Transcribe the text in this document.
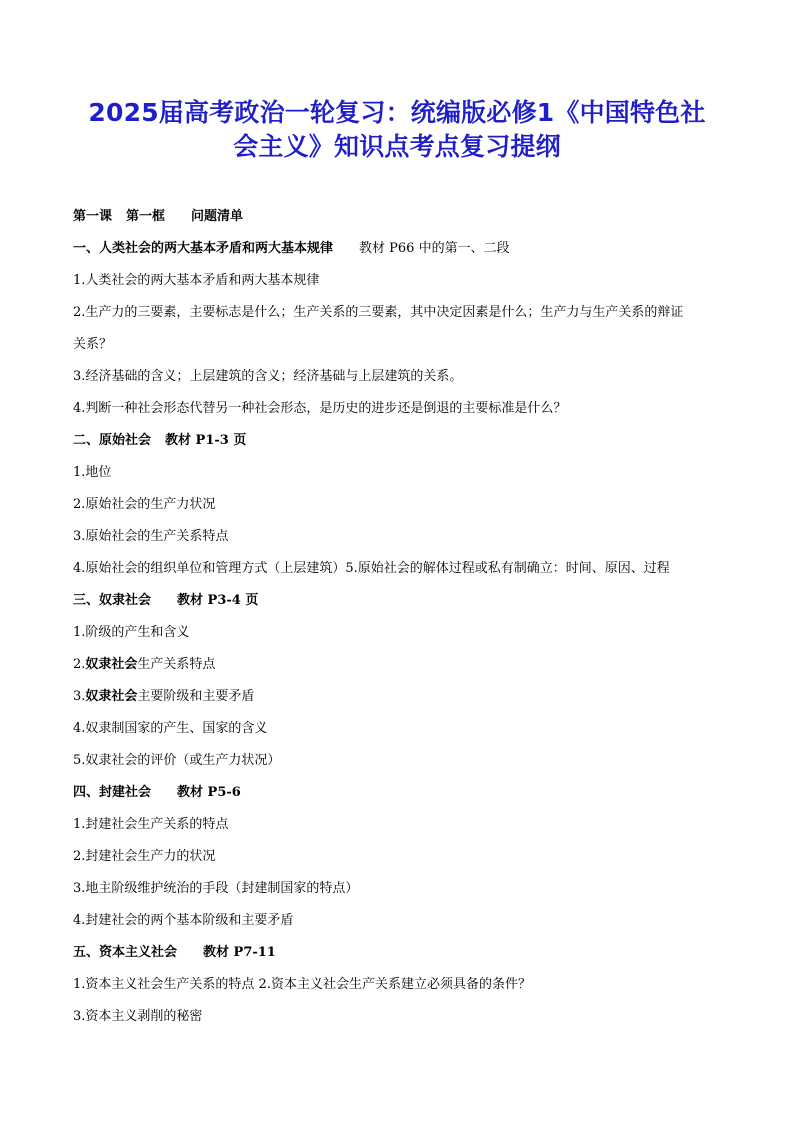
2025届高考政治一轮复习：统编版必修1《中国特色社
会主义》知识点考点复习提纲
第一课 第一框 问题清单
一、人类社会的两大基本矛盾和两大基本规律 教材 P66 中的第一、二段
1.人类社会的两大基本矛盾和两大基本规律
2.生产力的三要素，主要标志是什么；生产关系的三要素，其中决定因素是什么；生产力与生产关系的辩证
关系？
3.经济基础的含义；上层建筑的含义；经济基础与上层建筑的关系。
4.判断一种社会形态代替另一种社会形态，是历史的进步还是倒退的主要标准是什么？
二、原始社会 教材 P1-3 页
1.地位
2.原始社会的生产力状况
3.原始社会的生产关系特点
4.原始社会的组织单位和管理方式（上层建筑）5.原始社会的解体过程或私有制确立：时间、原因、过程
三、奴隶社会 教材 P3-4 页
1.阶级的产生和含义
2.奴隶社会生产关系特点
3.奴隶社会主要阶级和主要矛盾
4.奴隶制国家的产生、国家的含义
5.奴隶社会的评价（或生产力状况）
四、封建社会 教材 P5-6
1.封建社会生产关系的特点
2.封建社会生产力的状况
3.地主阶级维护统治的手段（封建制国家的特点）
4.封建社会的两个基本阶级和主要矛盾
五、资本主义社会 教材 P7-11
1.资本主义社会生产关系的特点 2.资本主义社会生产关系建立必须具备的条件？
3.资本主义剥削的秘密
